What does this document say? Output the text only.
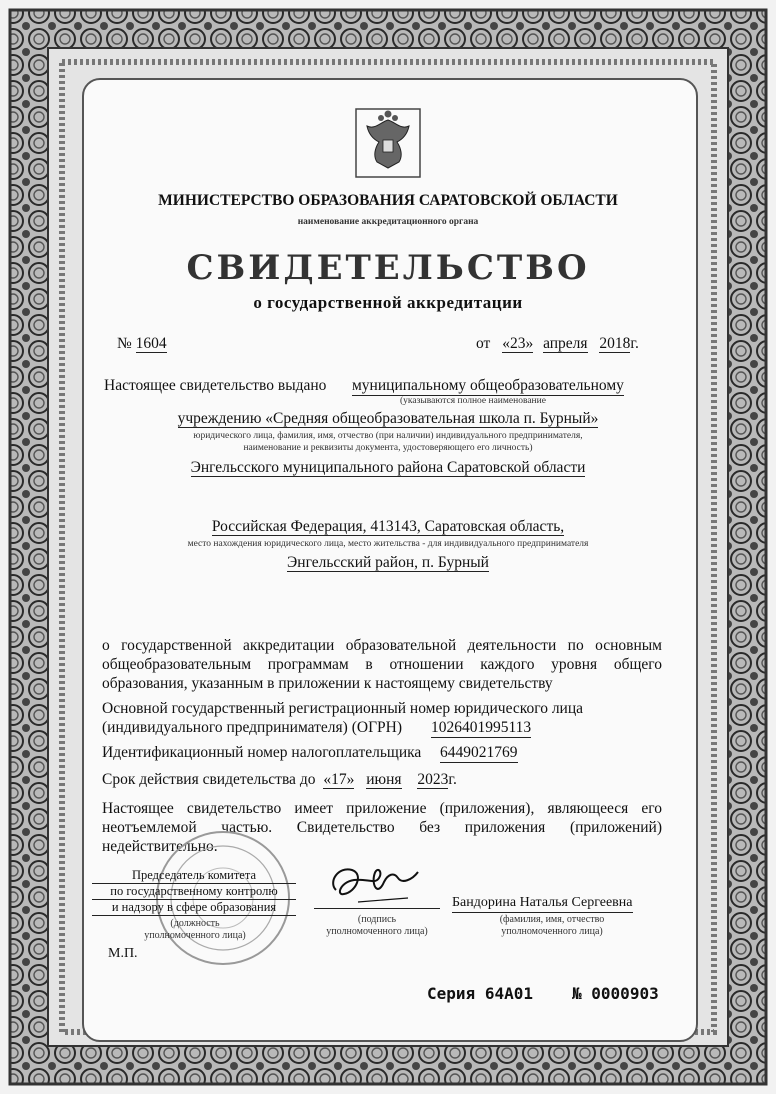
МИНИСТЕРСТВО ОБРАЗОВАНИЯ САРАТОВСКОЙ ОБЛАСТИ
наименование аккредитационного органа
СВИДЕТЕЛЬСТВО
о государственной аккредитации
№ 1604	от «23» апреля 2018г.
Настоящее свидетельство выдано муниципальному общеобразовательному
(указываются полное наименование
учреждению «Средняя общеобразовательная школа п. Бурный»
юридического лица, фамилия, имя, отчество (при наличии) индивидуального предпринимателя,
наименование и реквизиты документа, удостоверяющего его личность)
Энгельсского муниципального района Саратовской области
Российская Федерация, 413143, Саратовская область,
место нахождения юридического лица, место жительства - для индивидуального предпринимателя
Энгельсский район, п. Бурный
о государственной аккредитации образовательной деятельности по основным общеобразовательным программам в отношении каждого уровня общего образования, указанным в приложении к настоящему свидетельству
Основной государственный регистрационный номер юридического лица
(индивидуального предпринимателя) (ОГРН) 1026401995113
Идентификационный номер налогоплательщика 6449021769
Срок действия свидетельства до «17» июня 2023г.
Настоящее свидетельство имеет приложение (приложения), являющееся его неотъемлемой частью. Свидетельство без приложения (приложений) недействительно.
Председатель комитета
по государственному контролю
и надзору в сфере образования
(должность
уполномоченного лица)
М.П.
(подпись
уполномоченного лица)
Бандорина Наталья Сергеевна
(фамилия, имя, отчество
уполномоченного лица)
Серия 64А01 № 0000903
